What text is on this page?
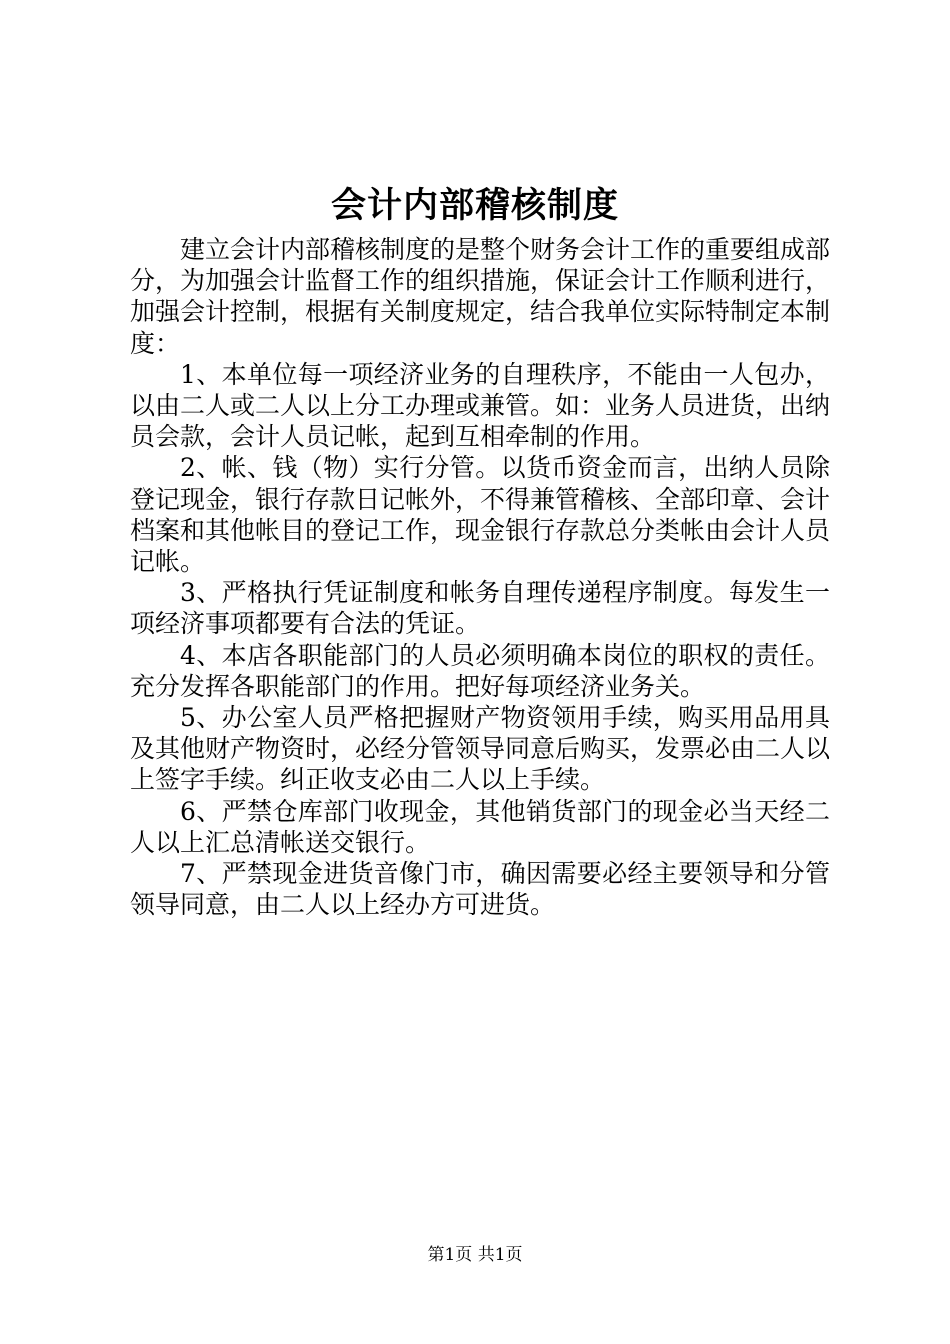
会计内部稽核制度

建立会计内部稽核制度的是整个财务会计工作的重要组成部分，为加强会计监督工作的组织措施，保证会计工作顺利进行，加强会计控制，根据有关制度规定，结合我单位实际特制定本制度：

1、本单位每一项经济业务的自理秩序，不能由一人包办，以由二人或二人以上分工办理或兼管。如：业务人员进货，出纳员会款，会计人员记帐，起到互相牵制的作用。

2、帐、钱（物）实行分管。以货币资金而言，出纳人员除登记现金，银行存款日记帐外，不得兼管稽核、全部印章、会计档案和其他帐目的登记工作，现金银行存款总分类帐由会计人员记帐。

3、严格执行凭证制度和帐务自理传递程序制度。每发生一项经济事项都要有合法的凭证。

4、本店各职能部门的人员必须明确本岗位的职权的责任。充分发挥各职能部门的作用。把好每项经济业务关。

5、办公室人员严格把握财产物资领用手续，购买用品用具及其他财产物资时，必经分管领导同意后购买，发票必由二人以上签字手续。纠正收支必由二人以上手续。

6、严禁仓库部门收现金，其他销货部门的现金必当天经二人以上汇总清帐送交银行。

7、严禁现金进货音像门市，确因需要必经主要领导和分管领导同意，由二人以上经办方可进货。

第1页 共1页
